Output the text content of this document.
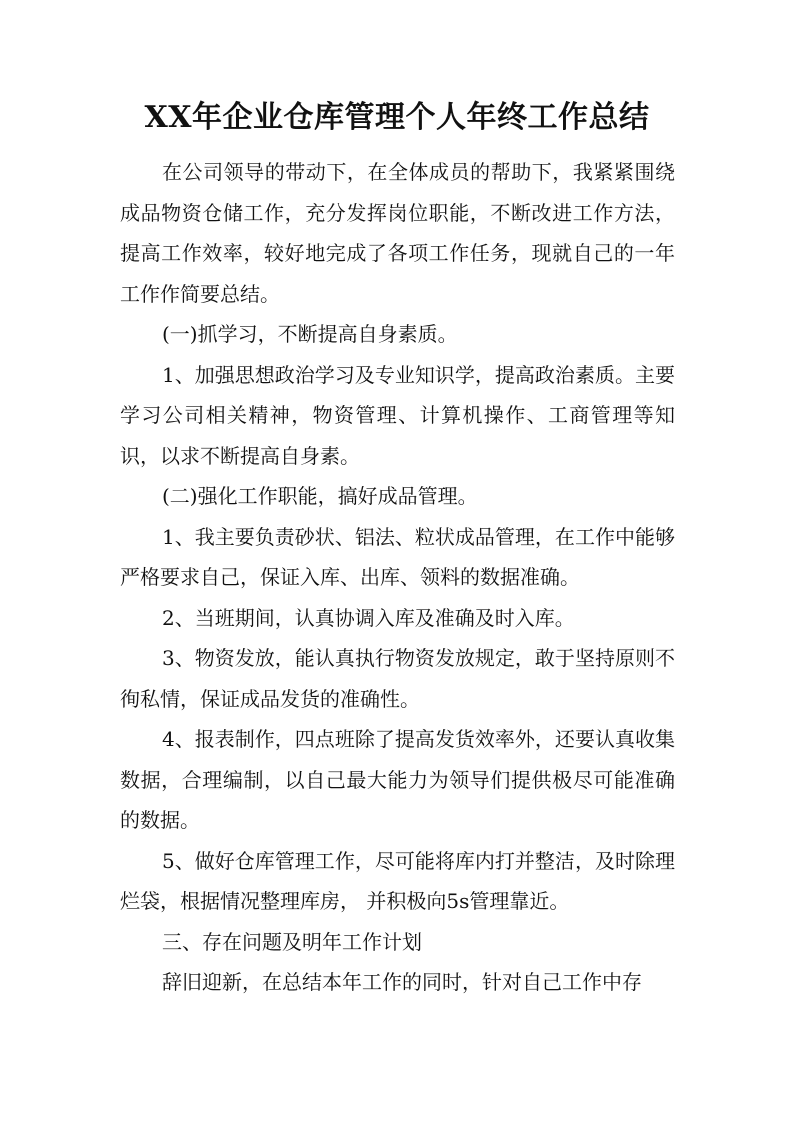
XX年企业仓库管理个人年终工作总结

在公司领导的带动下，在全体成员的帮助下，我紧紧围绕成品物资仓储工作，充分发挥岗位职能，不断改进工作方法，提高工作效率，较好地完成了各项工作任务，现就自己的一年工作作简要总结。

(一)抓学习，不断提高自身素质。

1、加强思想政治学习及专业知识学，提高政治素质。主要学习公司相关精神，物资管理、计算机操作、工商管理等知识，以求不断提高自身素。

(二)强化工作职能，搞好成品管理。

1、我主要负责砂状、铝法、粒状成品管理，在工作中能够严格要求自己，保证入库、出库、领料的数据准确。

2、当班期间，认真协调入库及准确及时入库。

3、物资发放，能认真执行物资发放规定，敢于坚持原则不徇私情，保证成品发货的准确性。

4、报表制作，四点班除了提高发货效率外，还要认真收集数据，合理编制，以自己最大能力为领导们提供极尽可能准确的数据。

5、做好仓库管理工作，尽可能将库内打并整洁，及时除理烂袋，根据情况整理库房， 并积极向5s管理靠近。

三、存在问题及明年工作计划

辞旧迎新，在总结本年工作的同时，针对自己工作中存
